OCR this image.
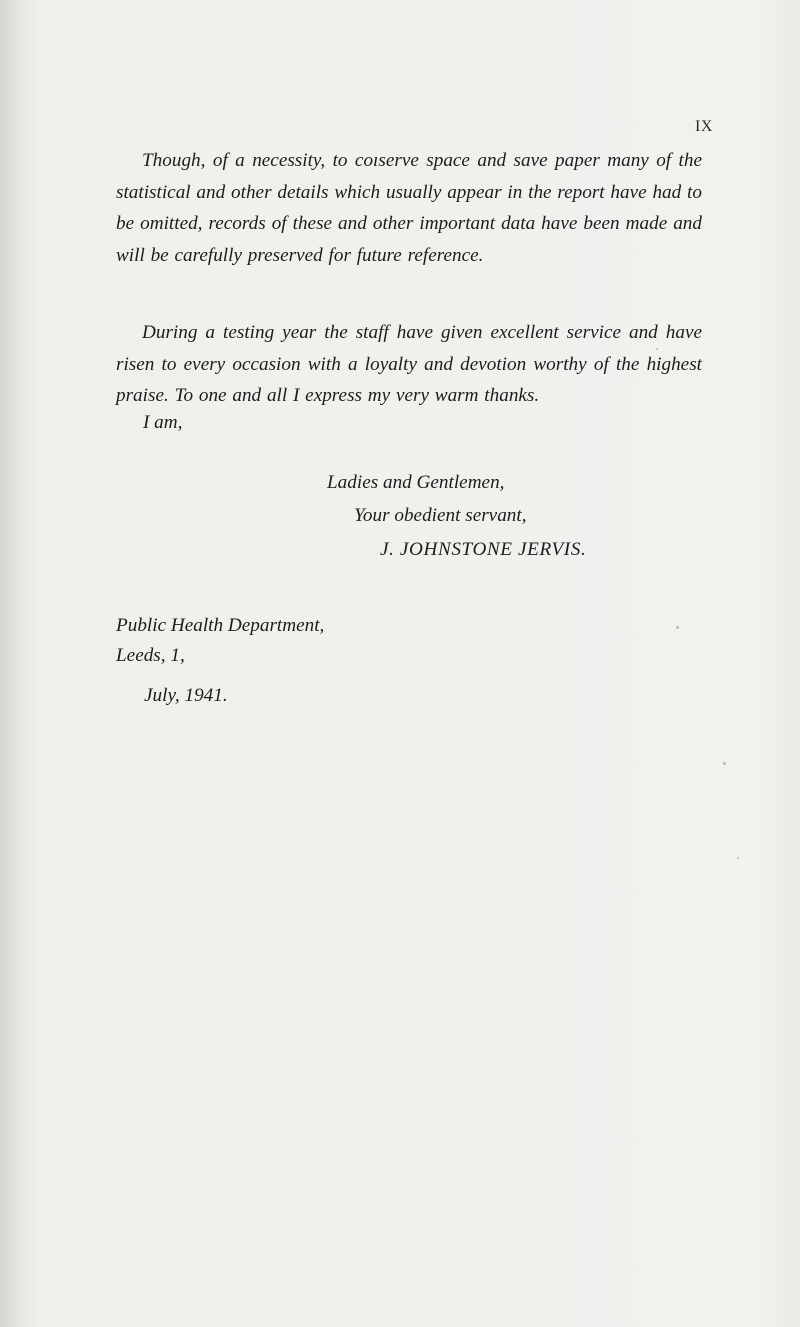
IX

Though, of a necessity, to coıserve space and save paper many of the statistical and other details which usually appear in the report have had to be omitted, records of these and other important data have been made and will be carefully preserved for future reference.

During a testing year the staff have given excellent service and have risen to every occasion with a loyalty and devotion worthy of the highest praise. To one and all I express my very warm thanks.

I am,

Ladies and Gentlemen,

Your obedient servant,

J. JOHNSTONE JERVIS.

Public Health Department,

Leeds, 1,

July, 1941.
